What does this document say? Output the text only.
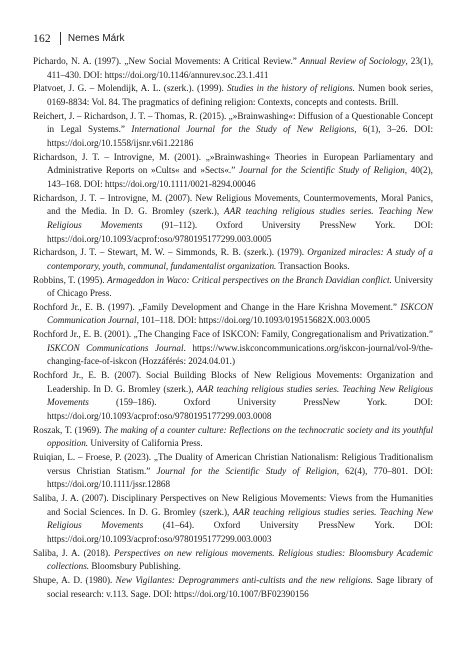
162 Nemes Márk

Pichardo, N. A. (1997). „New Social Movements: A Critical Review.” Annual Review of Sociology, 23(1), 411–430. DOI: https://doi.org/10.1146/annurev.soc.23.1.411

Platvoet, J. G. – Molendijk, A. L. (szerk.). (1999). Studies in the history of religions. Numen book series, 0169-8834: Vol. 84. The pragmatics of defining religion: Contexts, concepts and contests. Brill.

Reichert, J. – Richardson, J. T. – Thomas, R. (2015). „»Brainwashing«: Diffusion of a Questionable Concept in Legal Systems.” International Journal for the Study of New Religions, 6(1), 3–26. DOI: https://doi.org/10.1558/ijsnr.v6i1.22186

Richardson, J. T. – Introvigne, M. (2001). „»Brainwashing« Theories in European Parliamentary and Administrative Reports on »Cults« and »Sects«.” Journal for the Scientific Study of Religion, 40(2), 143–168. DOI: https://doi.org/10.1111/0021-8294.00046

Richardson, J. T. – Introvigne, M. (2007). New Religious Movements, Countermovements, Moral Panics, and the Media. In D. G. Bromley (szerk.), AAR teaching religious studies series. Teaching New Religious Movements (91–112). Oxford University PressNew York. DOI: https://doi.org/10.1093/acprof:oso/9780195177299.003.0005

Richardson, J. T. – Stewart, M. W. – Simmonds, R. B. (szerk.). (1979). Organized miracles: A study of a contemporary, youth, communal, fundamentalist organization. Transaction Books.

Robbins, T. (1995). Armageddon in Waco: Critical perspectives on the Branch Davidian conflict. University of Chicago Press.

Rochford Jr., E. B. (1997). „Family Development and Change in the Hare Krishna Movement.” ISKCON Communication Journal, 101–118. DOI: https://doi.org/10.1093/019515682X.003.0005

Rochford Jr., E. B. (2001). „The Changing Face of ISKCON: Family, Congregationalism and Privatization.” ISKCON Communications Journal. https://www.iskconcommunications.org/iskcon-journal/vol-9/the-changing-face-of-iskcon (Hozzáférés: 2024.04.01.)

Rochford Jr., E. B. (2007). Social Building Blocks of New Religious Movements: Organization and Leadership. In D. G. Bromley (szerk.), AAR teaching religious studies series. Teaching New Religious Movements (159–186). Oxford University PressNew York. DOI: https://doi.org/10.1093/acprof:oso/9780195177299.003.0008

Roszak, T. (1969). The making of a counter culture: Reflections on the technocratic society and its youthful opposition. University of California Press.

Ruiqian, L. – Froese, P. (2023). „The Duality of American Christian Nationalism: Religious Traditionalism versus Christian Statism.” Journal for the Scientific Study of Religion, 62(4), 770–801. DOI: https://doi.org/10.1111/jssr.12868

Saliba, J. A. (2007). Disciplinary Perspectives on New Religious Movements: Views from the Humanities and Social Sciences. In D. G. Bromley (szerk.), AAR teaching religious studies series. Teaching New Religious Movements (41–64). Oxford University PressNew York. DOI: https://doi.org/10.1093/acprof:oso/9780195177299.003.0003

Saliba, J. A. (2018). Perspectives on new religious movements. Religious studies: Bloomsbury Academic collections. Bloomsbury Publishing.

Shupe, A. D. (1980). New Vigilantes: Deprogrammers anti-cultists and the new religions. Sage library of social research: v.113. Sage. DOI: https://doi.org/10.1007/BF02390156
